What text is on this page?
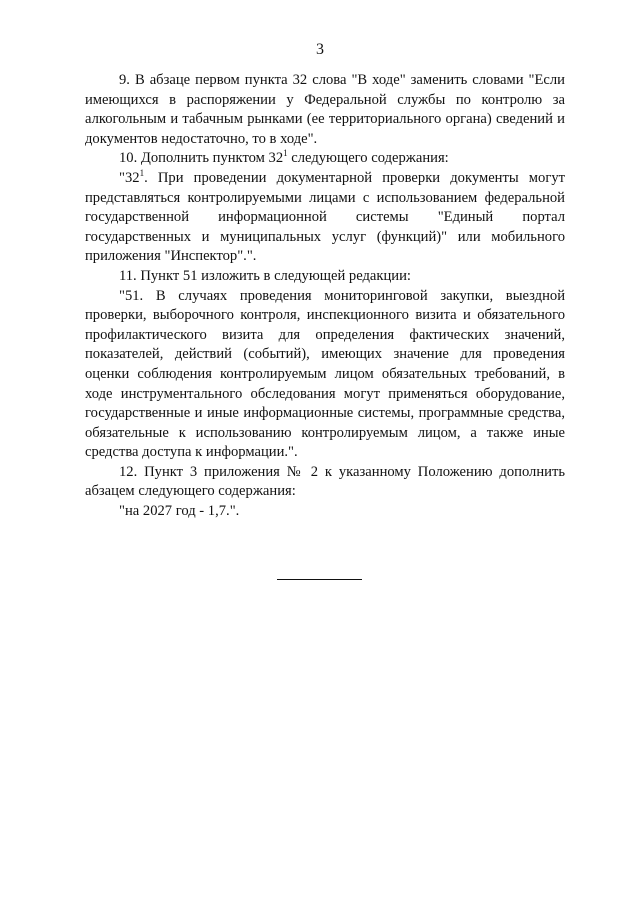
3

9. В абзаце первом пункта 32 слова "В ходе" заменить словами "Если имеющихся в распоряжении у Федеральной службы по контролю за алкогольным и табачным рынками (ее территориального органа) сведений и документов недостаточно, то в ходе".

10. Дополнить пунктом $32^1$ следующего содержания:

"$32^1$. При проведении документарной проверки документы могут представляться контролируемыми лицами с использованием федеральной государственной информационной системы "Единый портал государственных и муниципальных услуг (функций)" или мобильного приложения "Инспектор".".

11. Пункт 51 изложить в следующей редакции:

"51. В случаях проведения мониторинговой закупки, выездной проверки, выборочного контроля, инспекционного визита и обязательного профилактического визита для определения фактических значений, показателей, действий (событий), имеющих значение для проведения оценки соблюдения контролируемым лицом обязательных требований, в ходе инструментального обследования могут применяться оборудование, государственные и иные информационные системы, программные средства, обязательные к использованию контролируемым лицом, а также иные средства доступа к информации.".

12. Пункт 3 приложения № 2 к указанному Положению дополнить абзацем следующего содержания:

"на 2027 год - 1,7.".
